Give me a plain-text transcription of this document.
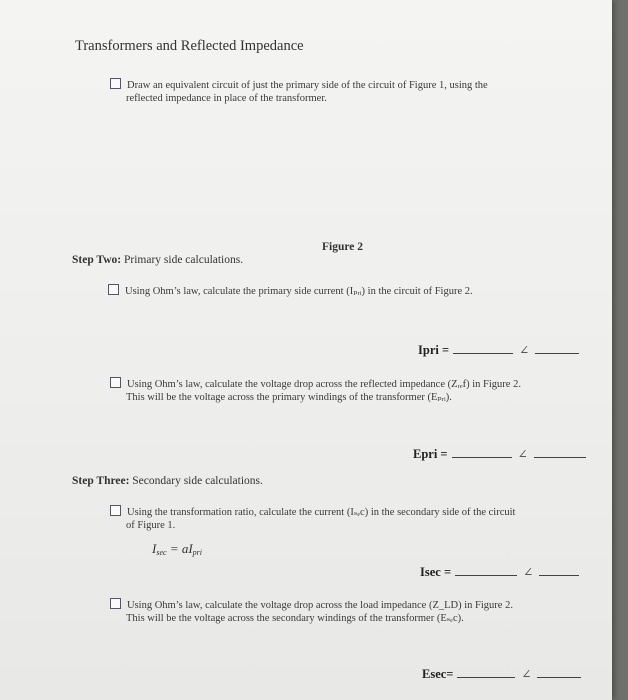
Transformers and Reflected Impedance
Draw an equivalent circuit of just the primary side of the circuit of Figure 1, using the
reflected impedance in place of the transformer.
Figure 2
Step Two: Primary side calculations.
Using Ohm’s law, calculate the primary side current (Iₚᵣᵢ) in the circuit of Figure 2.
Ipri =	∠
Using Ohm’s law, calculate the voltage drop across the reflected impedance (Zᵣₑf) in Figure 2.
This will be the voltage across the primary windings of the transformer (Eₚᵣᵢ).
Epri =	∠
Step Three: Secondary side calculations.
Using the transformation ratio, calculate the current (Iₛₑc) in the secondary side of the circuit
of Figure 1.
$I_{sec} = aI_{pri}$
Isec =	∠
Using Ohm’s law, calculate the voltage drop across the load impedance (Z_LD) in Figure 2.
This will be the voltage across the secondary windings of the transformer (Eₛₑc).
Esec=	∠
